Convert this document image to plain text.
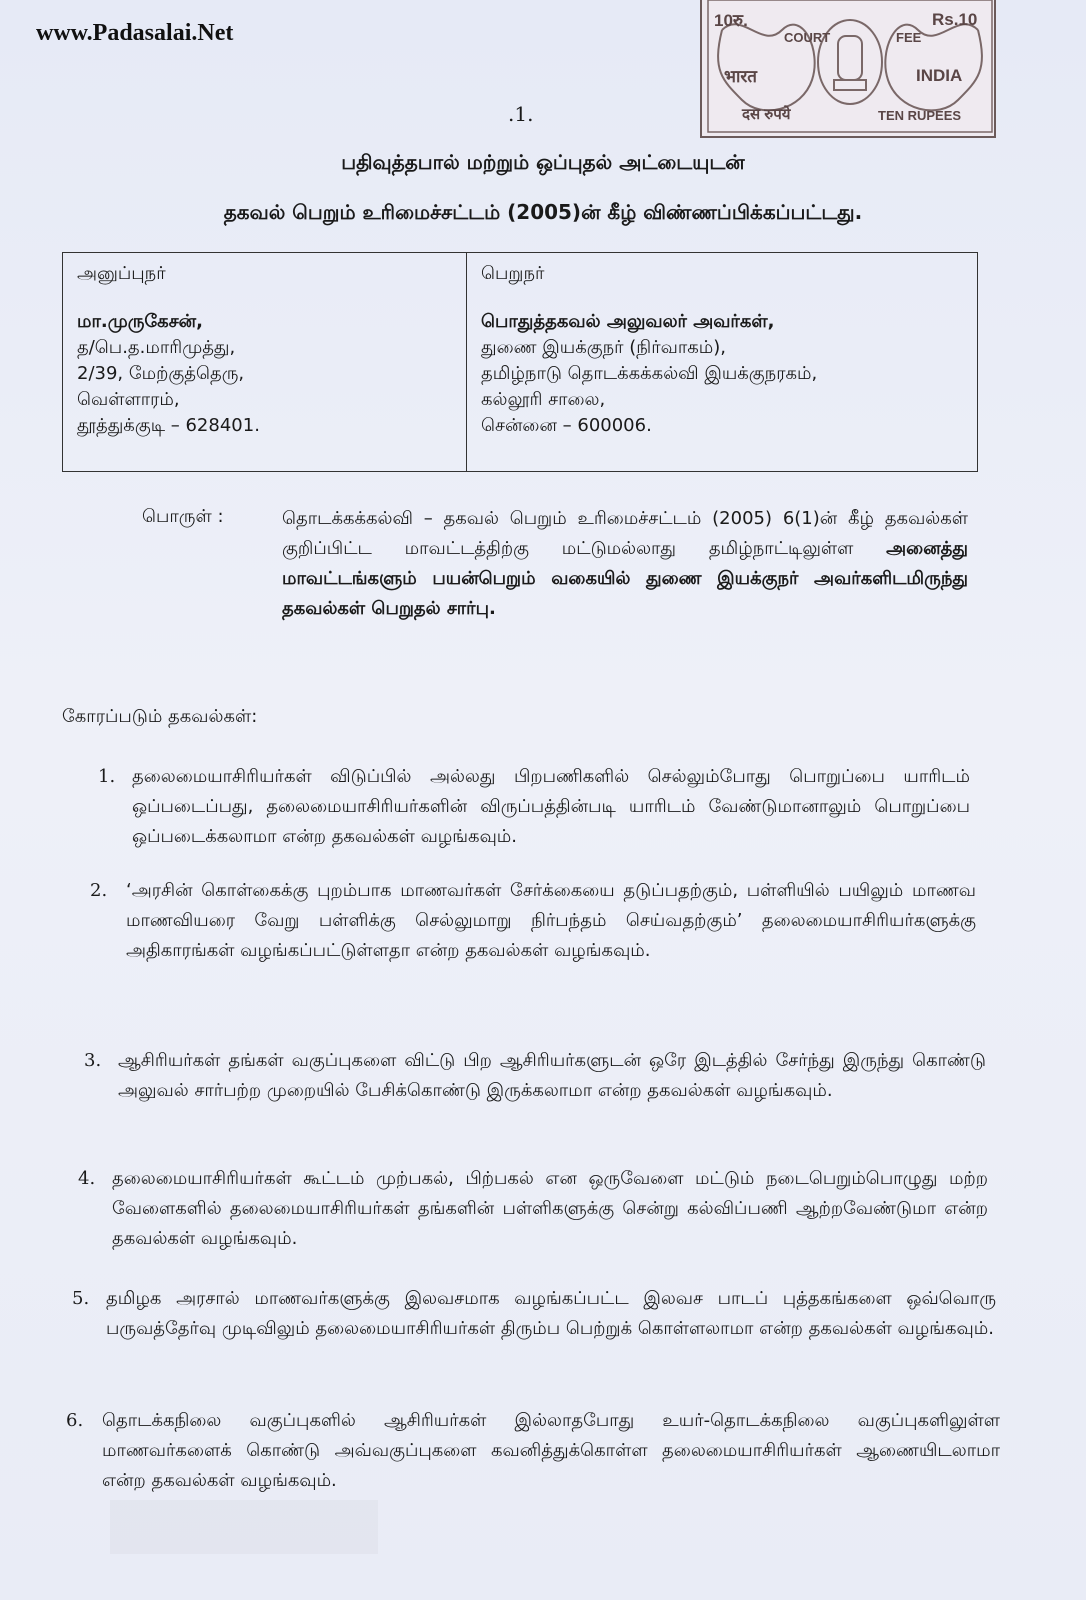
www.Padasalai.Net	10रु.	Rs.10
COURT	FEE
भारत	INDIA
दस रुपये	TEN RUPEES
.1.
பதிவுத்தபால் மற்றும் ஒப்புதல் அட்டையுடன்
தகவல் பெறும் உரிமைச்சட்டம் (2005)ன் கீழ் விண்ணப்பிக்கப்பட்டது.
அனுப்புநர்
மா.முருகேசன்,
த/பெ.த.மாரிமுத்து,
2/39, மேற்குத்தெரு,
வெள்ளாரம்,
தூத்துக்குடி – 628401.

பெறுநர்
பொதுத்தகவல் அலுவலர் அவர்கள்,
துணை இயக்குநர் (நிர்வாகம்),
தமிழ்நாடு தொடக்கக்கல்வி இயக்குநரகம்,
கல்லூரி சாலை,
சென்னை – 600006.
பொருள் :	தொடக்கக்கல்வி – தகவல் பெறும் உரிமைச்சட்டம் (2005) 6(1)ன் கீழ் தகவல்கள் குறிப்பிட்ட மாவட்டத்திற்கு மட்டுமல்லாது தமிழ்நாட்டிலுள்ள அனைத்து மாவட்டங்களும் பயன்பெறும் வகையில் துணை இயக்குநர் அவர்களிடமிருந்து தகவல்கள் பெறுதல் சார்பு.
கோரப்படும் தகவல்கள்:
1. தலைமையாசிரியர்கள் விடுப்பில் அல்லது பிறபணிகளில் செல்லும்போது பொறுப்பை யாரிடம் ஒப்படைப்பது, தலைமையாசிரியர்களின் விருப்பத்தின்படி யாரிடம் வேண்டுமானாலும் பொறுப்பை ஒப்படைக்கலாமா என்ற தகவல்கள் வழங்கவும்.
2. ‘அரசின் கொள்கைக்கு புறம்பாக மாணவர்கள் சேர்க்கையை தடுப்பதற்கும், பள்ளியில் பயிலும் மாணவ மாணவியரை வேறு பள்ளிக்கு செல்லுமாறு நிர்பந்தம் செய்வதற்கும்’ தலைமையாசிரியர்களுக்கு அதிகாரங்கள் வழங்கப்பட்டுள்ளதா என்ற தகவல்கள் வழங்கவும்.
3. ஆசிரியர்கள் தங்கள் வகுப்புகளை விட்டு பிற ஆசிரியர்களுடன் ஒரே இடத்தில் சேர்ந்து இருந்து கொண்டு அலுவல் சார்பற்ற முறையில் பேசிக்கொண்டு இருக்கலாமா என்ற தகவல்கள் வழங்கவும்.
4. தலைமையாசிரியர்கள் கூட்டம் முற்பகல், பிற்பகல் என ஒருவேளை மட்டும் நடைபெறும்பொழுது மற்ற வேளைகளில் தலைமையாசிரியர்கள் தங்களின் பள்ளிகளுக்கு சென்று கல்விப்பணி ஆற்றவேண்டுமா என்ற தகவல்கள் வழங்கவும்.
5. தமிழக அரசால் மாணவர்களுக்கு இலவசமாக வழங்கப்பட்ட இலவச பாடப் புத்தகங்களை ஒவ்வொரு பருவத்தேர்வு முடிவிலும் தலைமையாசிரியர்கள் திரும்ப பெற்றுக் கொள்ளலாமா என்ற தகவல்கள் வழங்கவும்.
6. தொடக்கநிலை வகுப்புகளில் ஆசிரியர்கள் இல்லாதபோது உயர்-தொடக்கநிலை வகுப்புகளிலுள்ள மாணவர்களைக் கொண்டு அவ்வகுப்புகளை கவனித்துக்கொள்ள தலைமையாசிரியர்கள் ஆணையிடலாமா என்ற தகவல்கள் வழங்கவும்.
